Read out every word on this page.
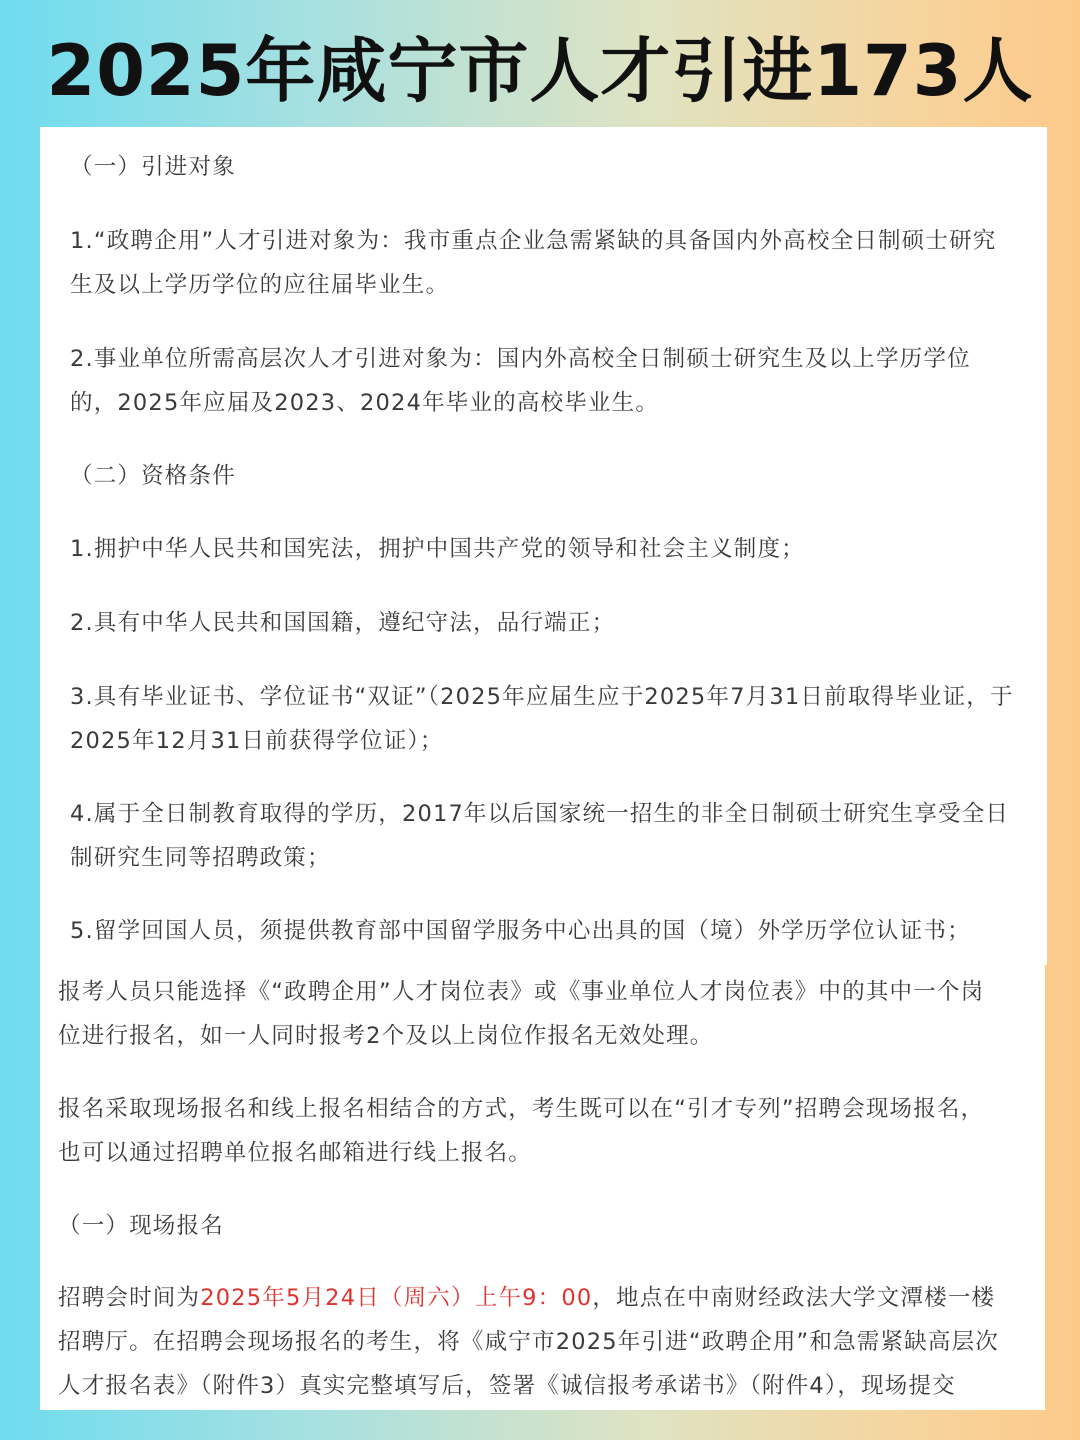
2025年咸宁市人才引进173人

（一）引进对象

1.“政聘企用”人才引进对象为：我市重点企业急需紧缺的具备国内外高校全日制硕士研究

生及以上学历学位的应往届毕业生。

2.事业单位所需高层次人才引进对象为：国内外高校全日制硕士研究生及以上学历学位

的，2025年应届及2023、2024年毕业的高校毕业生。

（二）资格条件

1.拥护中华人民共和国宪法，拥护中国共产党的领导和社会主义制度；

2.具有中华人民共和国国籍，遵纪守法，品行端正；

3.具有毕业证书、学位证书“双证”（2025年应届生应于2025年7月31日前取得毕业证，于

2025年12月31日前获得学位证）；

4.属于全日制教育取得的学历，2017年以后国家统一招生的非全日制硕士研究生享受全日

制研究生同等招聘政策；

5.留学回国人员，须提供教育部中国留学服务中心出具的国（境）外学历学位认证书；

报考人员只能选择《“政聘企用”人才岗位表》或《事业单位人才岗位表》中的其中一个岗

位进行报名，如一人同时报考2个及以上岗位作报名无效处理。

报名采取现场报名和线上报名相结合的方式，考生既可以在“引才专列”招聘会现场报名，

也可以通过招聘单位报名邮箱进行线上报名。

（一）现场报名

招聘会时间为2025年5月24日（周六）上午9：00，地点在中南财经政法大学文潭楼一楼

招聘厅。在招聘会现场报名的考生，将《咸宁市2025年引进“政聘企用”和急需紧缺高层次

人才报名表》（附件3）真实完整填写后，签署《诚信报考承诺书》（附件4），现场提交
